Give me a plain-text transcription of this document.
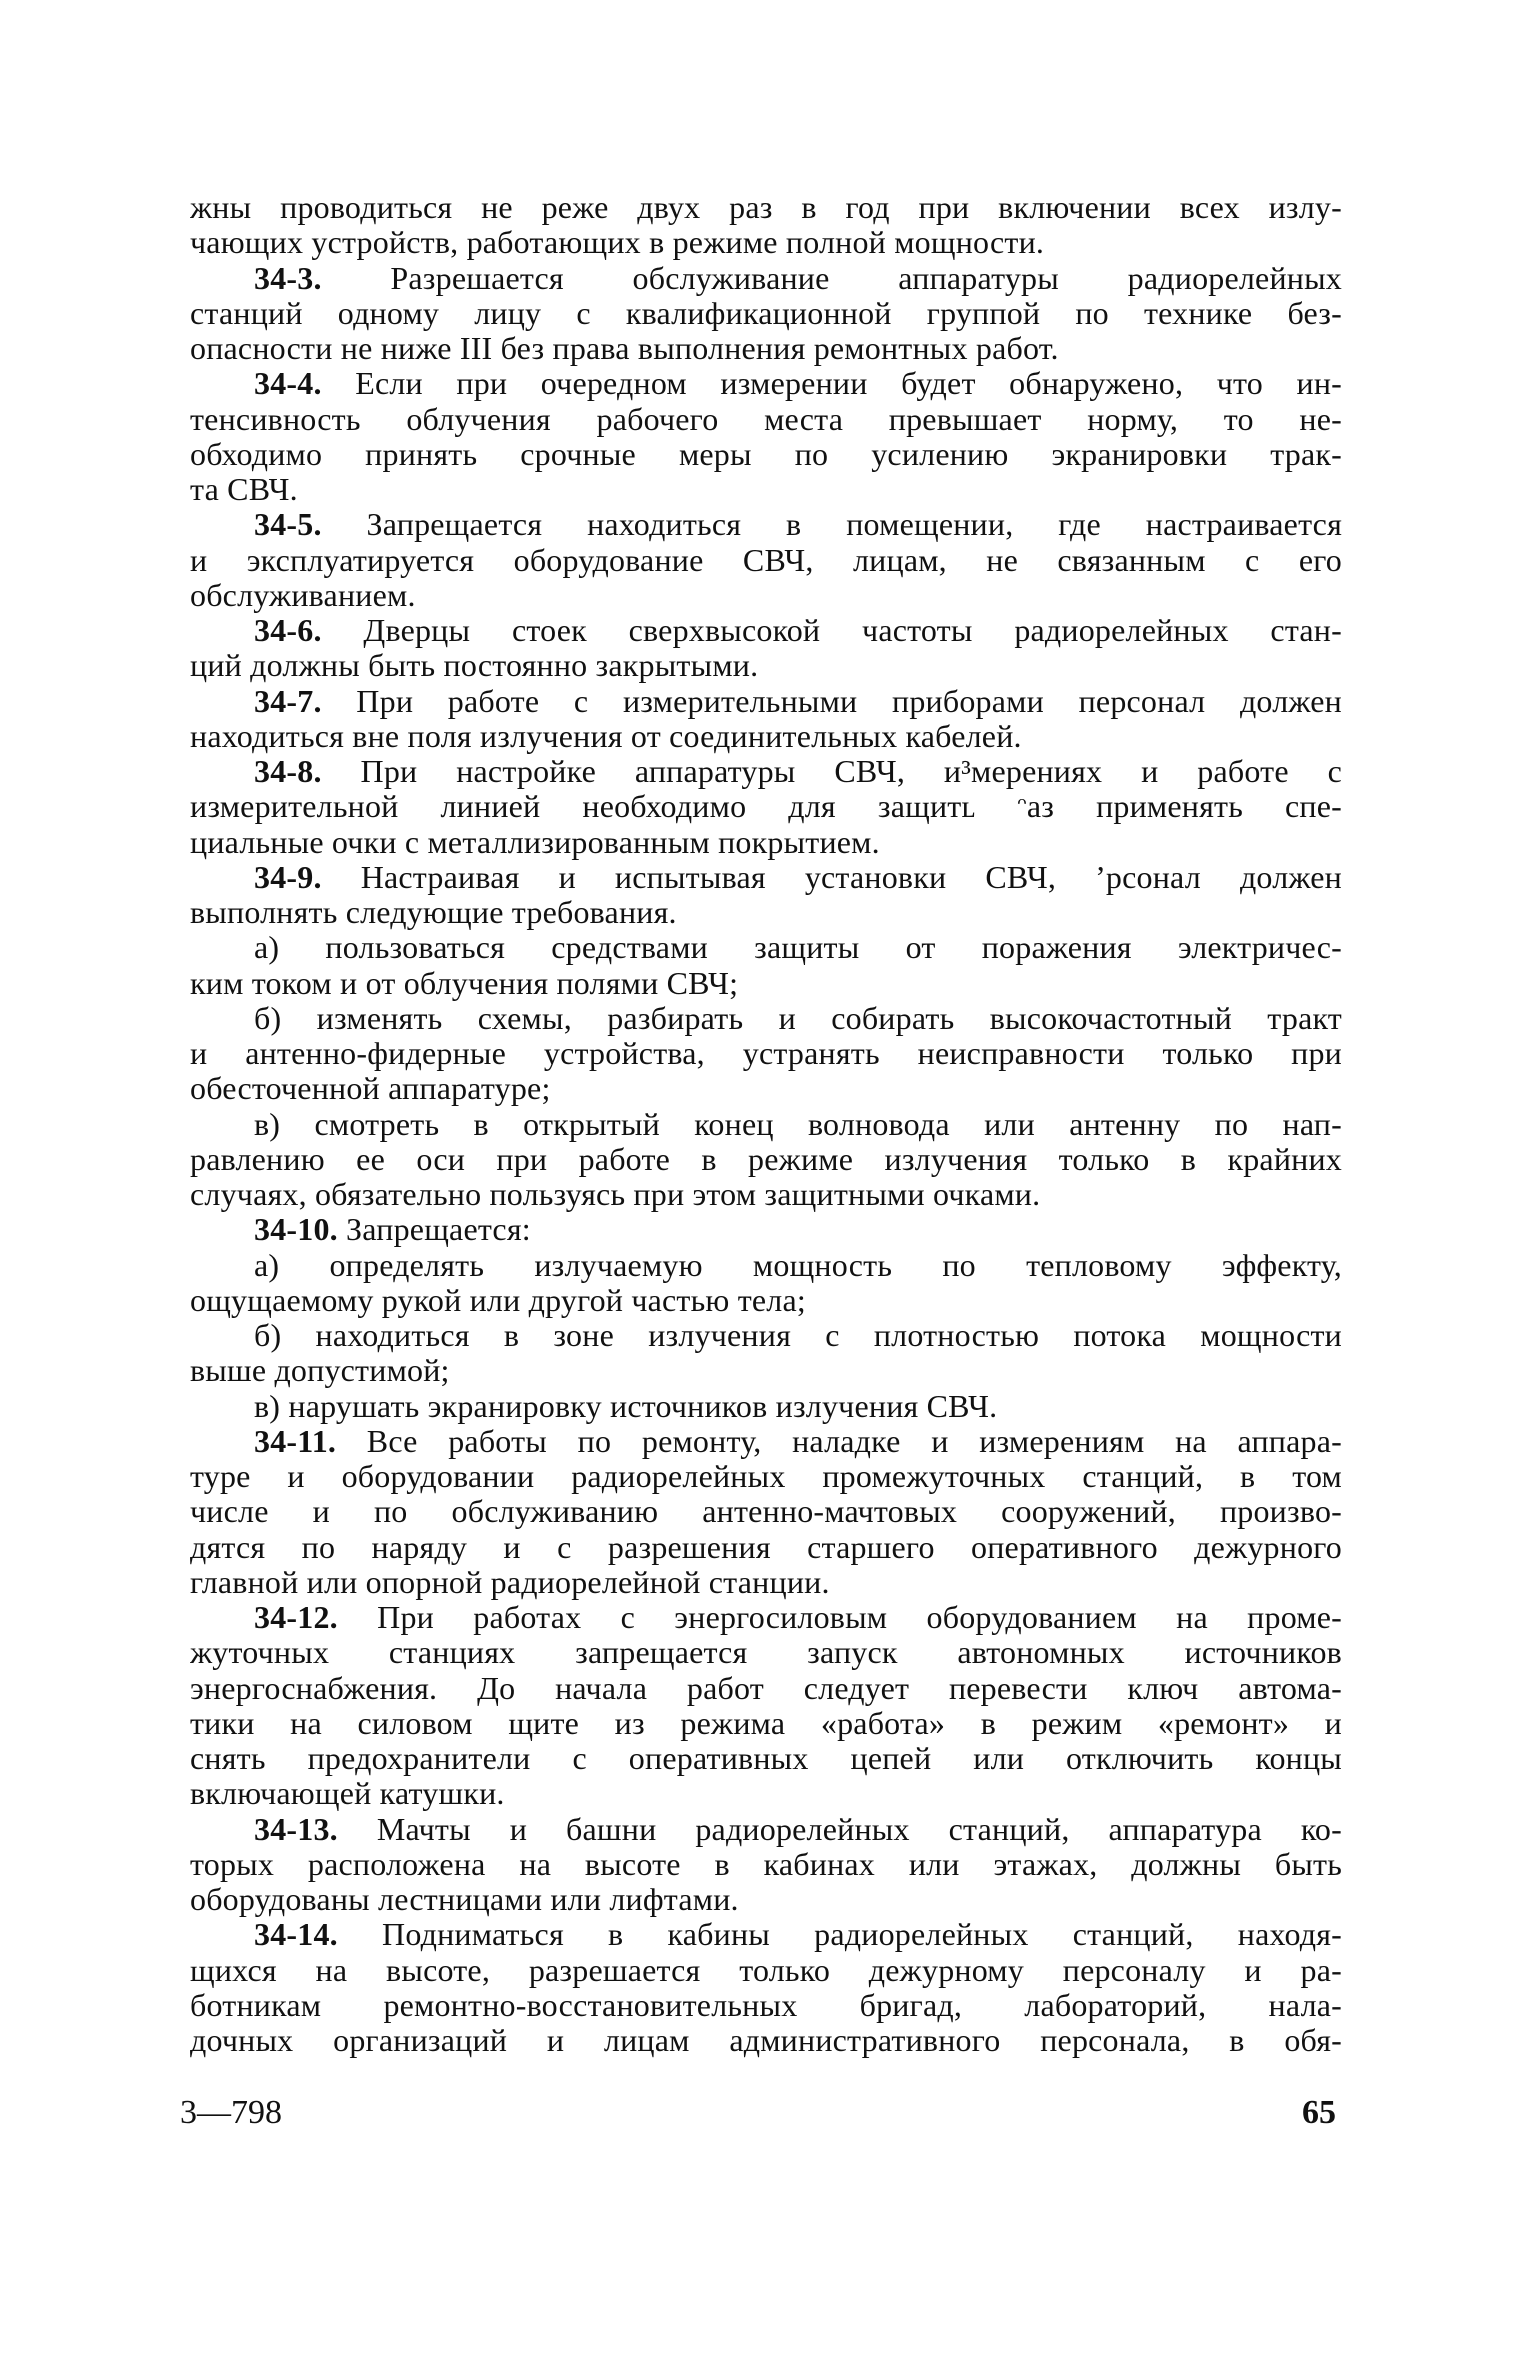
жны проводиться не реже двух раз в год при включении всех излу-
чающих устройств, работающих в режиме полной мощности.
34-3. Разрешается обслуживание аппаратуры радиорелейных
станций одному лицу с квалификационной группой по технике без-
опасности не ниже III без права выполнения ремонтных работ.
34-4. Если при очередном измерении будет обнаружено, что ин-
тенсивность облучения рабочего места превышает норму, то не-
обходимо принять срочные меры по усилению экранировки трак-
та СВЧ.
34-5. Запрещается находиться в помещении, где настраивается
и эксплуатируется оборудование СВЧ, лицам, не связанным с его
обслуживанием.
34-6. Дверцы стоек сверхвысокой частоты радиорелейных стан-
ций должны быть постоянно закрытыми.
34-7. При работе с измерительными приборами персонал должен
находиться вне поля излучения от соединительных кабелей.
34-8. При настройке аппаратуры СВЧ, и³мерениях и работе с
измерительной линией необходимо для защитʟ ᵔаз применять спе-
циальные очки с металлизированным покрытием.
34-9. Настраивая и испытывая установки СВЧ, ʼрсонал должен
выполнять следующие требования.
а) пользоваться средствами защиты от поражения электричес-
ким током и от облучения полями СВЧ;
б) изменять схемы, разбирать и собирать высокочастотный тракт
и антенно-фидерные устройства, устранять неисправности только при
обесточенной аппаратуре;
в) смотреть в открытый конец волновода или антенну по нап-
равлению ее оси при работе в режиме излучения только в крайних
случаях, обязательно пользуясь при этом защитными очками.
34-10. Запрещается:
а) определять излучаемую мощность по тепловому эффекту,
ощущаемому рукой или другой частью тела;
б) находиться в зоне излучения с плотностью потока мощности
выше допустимой;
в) нарушать экранировку источников излучения СВЧ.
34-11. Все работы по ремонту, наладке и измерениям на аппара-
туре и оборудовании радиорелейных промежуточных станций, в том
числе и по обслуживанию антенно-мачтовых сооружений, произво-
дятся по наряду и с разрешения старшего оперативного дежурного
главной или опорной радиорелейной станции.
34-12. При работах с энергосиловым оборудованием на проме-
жуточных станциях запрещается запуск автономных источников
энергоснабжения. До начала работ следует перевести ключ автома-
тики на силовом щите из режима «работа» в режим «ремонт» и
снять предохранители с оперативных цепей или отключить концы
включающей катушки.
34-13. Мачты и башни радиорелейных станций, аппаратура ко-
торых расположена на высоте в кабинах или этажах, должны быть
оборудованы лестницами или лифтами.
34-14. Подниматься в кабины радиорелейных станций, находя-
щихся на высоте, разрешается только дежурному персоналу и ра-
ботникам ремонтно-восстановительных бригад, лабораторий, нала-
дочных организаций и лицам административного персонала, в обя-
3—798	65
